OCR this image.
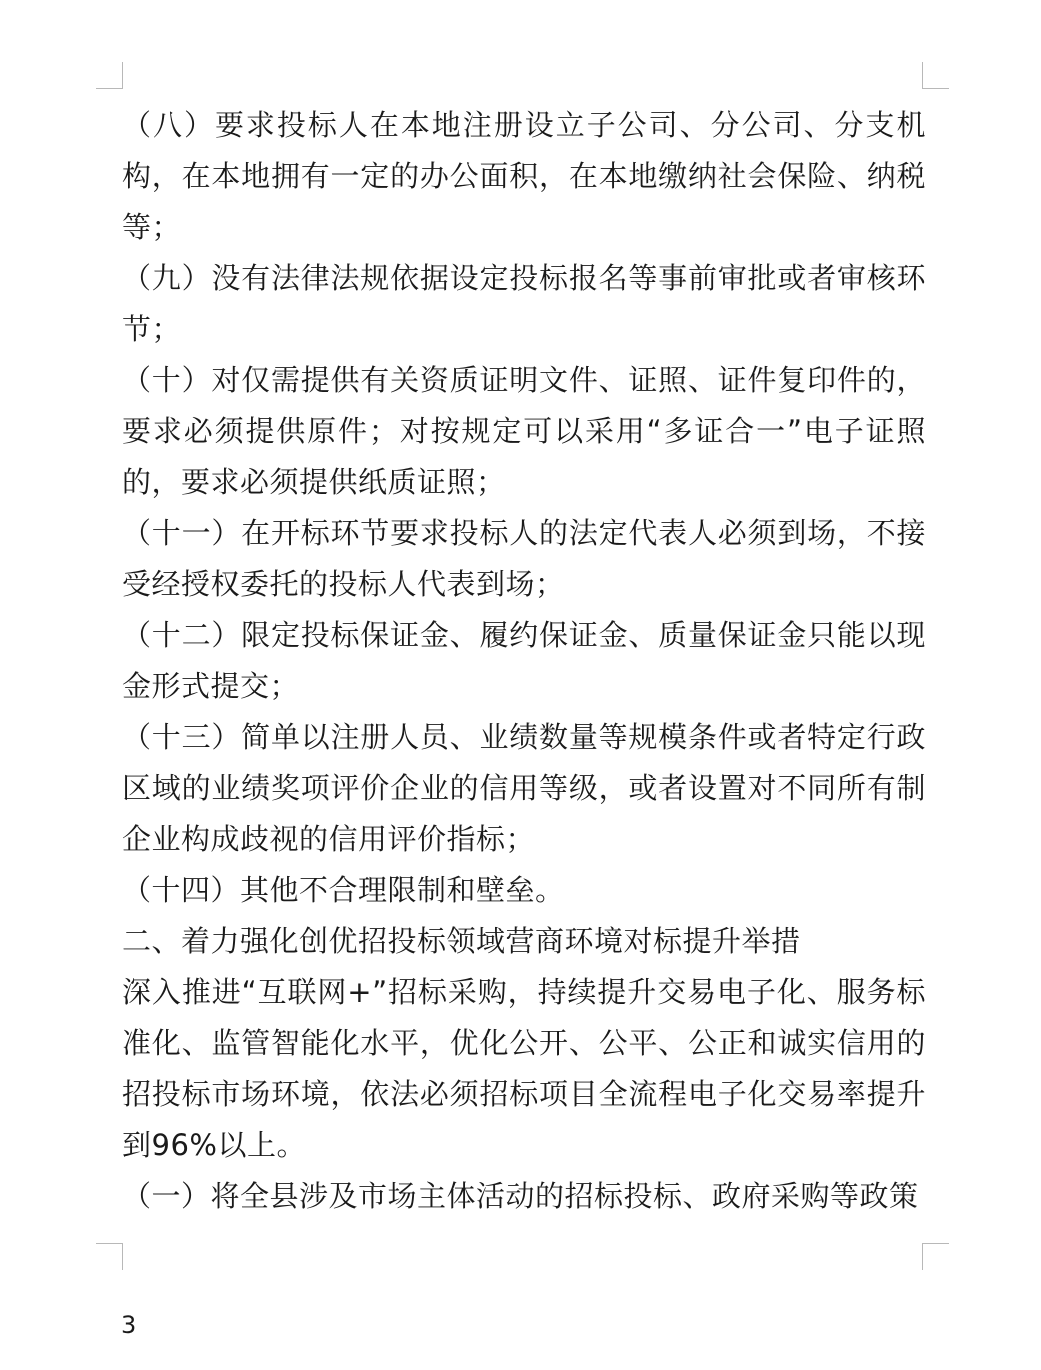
（八）要求投标人在本地注册设立子公司、分公司、分支机构，在本地拥有一定的办公面积，在本地缴纳社会保险、纳税等；

（九）没有法律法规依据设定投标报名等事前审批或者审核环节；

（十）对仅需提供有关资质证明文件、证照、证件复印件的，要求必须提供原件；对按规定可以采用“多证合一”电子证照的，要求必须提供纸质证照；

（十一）在开标环节要求投标人的法定代表人必须到场，不接受经授权委托的投标人代表到场；

（十二）限定投标保证金、履约保证金、质量保证金只能以现金形式提交；

（十三）简单以注册人员、业绩数量等规模条件或者特定行政区域的业绩奖项评价企业的信用等级，或者设置对不同所有制企业构成歧视的信用评价指标；

（十四）其他不合理限制和壁垒。

二、着力强化创优招投标领域营商环境对标提升举措

深入推进“互联网+”招标采购，持续提升交易电子化、服务标准化、监管智能化水平，优化公开、公平、公正和诚实信用的招投标市场环境，依法必须招标项目全流程电子化交易率提升到96%以上。

（一）将全县涉及市场主体活动的招标投标、政府采购等政策

3
